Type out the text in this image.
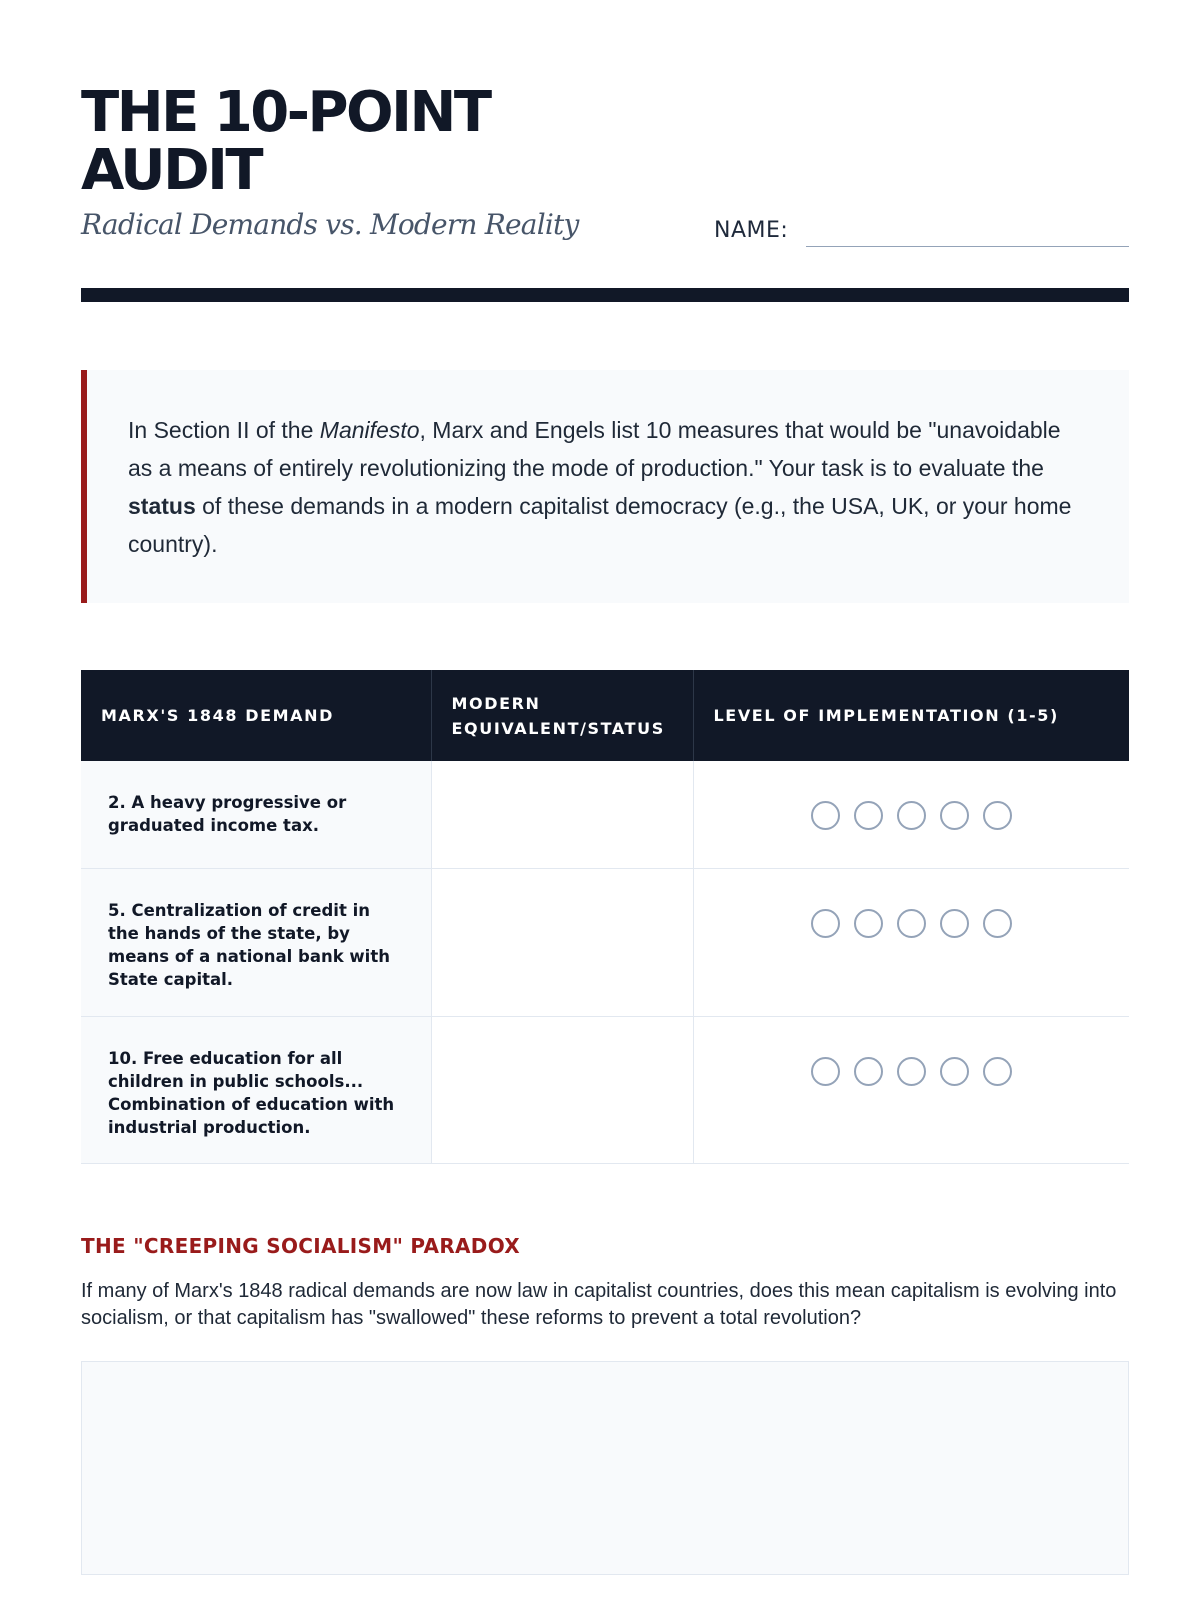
THE 10-POINT
AUDIT
Radical Demands vs. Modern Reality	NAME:
In Section II of the Manifesto, Marx and Engels list 10 measures that would be "unavoidable as a means of entirely revolutionizing the mode of production." Your task is to evaluate the status of these demands in a modern capitalist democracy (e.g., the USA, UK, or your home country).
MARX'S 1848 DEMAND	MODERN EQUIVALENT/STATUS	LEVEL OF IMPLEMENTATION (1-5)
2. A heavy progressive or graduated income tax.		

5. Centralization of credit in the hands of the state, by means of a national bank with State capital.		

10. Free education for all children in public schools... Combination of education with industrial production.		
THE "CREEPING SOCIALISM" PARADOX

If many of Marx's 1848 radical demands are now law in capitalist countries, does this mean capitalism is evolving into socialism, or that capitalism has "swallowed" these reforms to prevent a total revolution?
